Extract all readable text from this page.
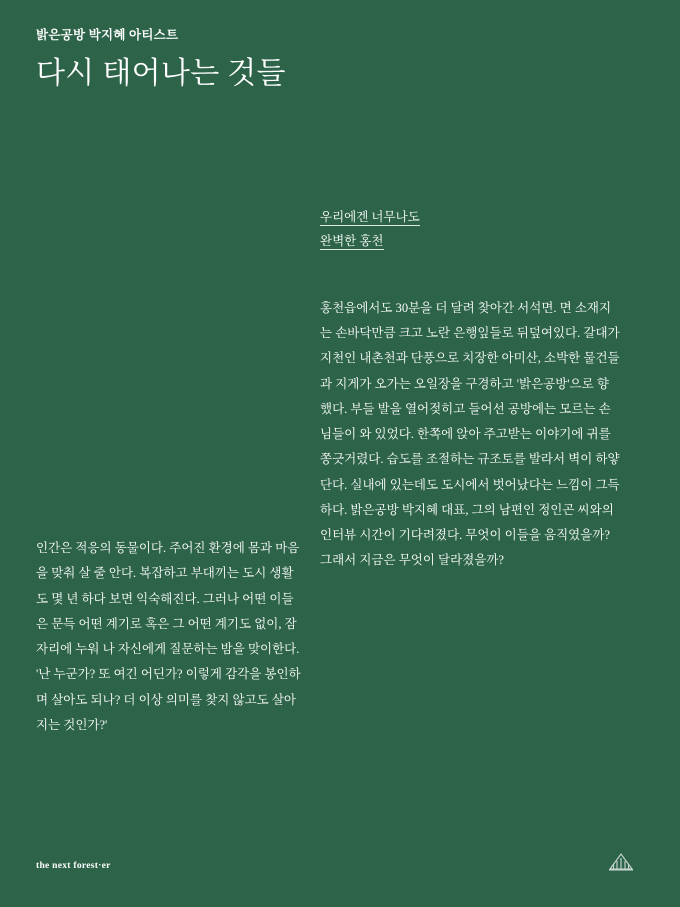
밝은공방 박지혜 아티스트

다시 태어나는 것들

우리에겐 너무나도
완벽한 홍천

홍천읍에서도 30분을 더 달려 찾아간 서석면. 면 소재지는 손바닥만큼 크고 노란 은행잎들로 뒤덮여있다. 갈대가 지천인 내촌천과 단풍으로 치장한 아미산, 소박한 물건들과 지게가 오가는 오일장을 구경하고 '밝은공방'으로 향했다. 부들 발을 열어젖히고 들어선 공방에는 모르는 손님들이 와 있었다. 한쪽에 앉아 주고받는 이야기에 귀를 쫑긋거렸다. 습도를 조절하는 규조토를 발라서 벽이 하얗단다. 실내에 있는데도 도시에서 벗어났다는 느낌이 그득하다. 밝은공방 박지혜 대표, 그의 남편인 정인곤 씨와의 인터뷰 시간이 기다려졌다. 무엇이 이들을 움직였을까? 그래서 지금은 무엇이 달라졌을까?

인간은 적응의 동물이다. 주어진 환경에 몸과 마음을 맞춰 살 줄 안다. 복잡하고 부대끼는 도시 생활도 몇 년 하다 보면 익숙해진다. 그러나 어떤 이들은 문득 어떤 계기로 혹은 그 어떤 계기도 없이, 잠자리에 누워 나 자신에게 질문하는 밤을 맞이한다. '난 누군가? 또 여긴 어딘가? 이렇게 감각을 봉인하며 살아도 되나? 더 이상 의미를 찾지 않고도 살아지는 것인가?'

the next forest·er
